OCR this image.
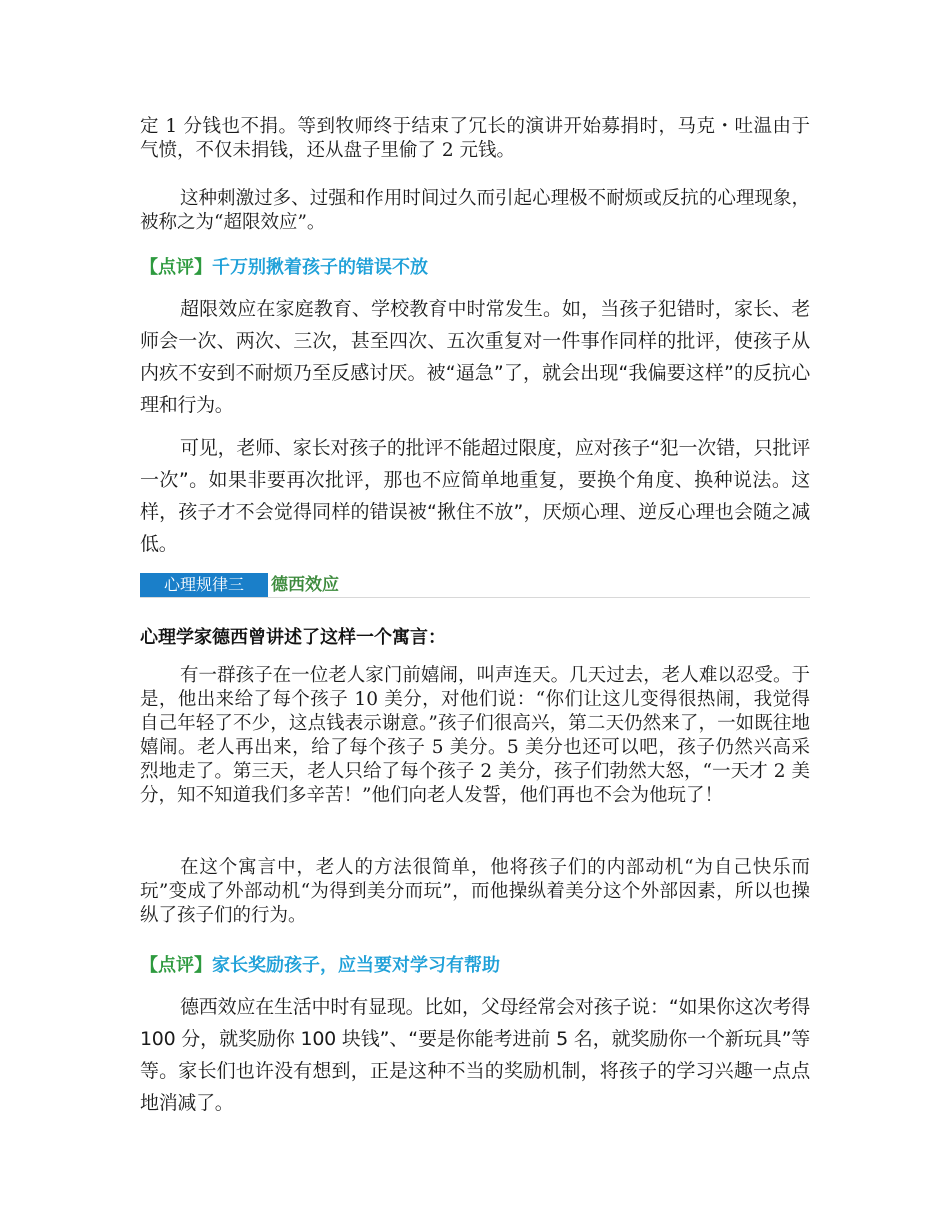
定 1 分钱也不捐。等到牧师终于结束了冗长的演讲开始募捐时，马克・吐温由于气愤，不仅未捐钱，还从盘子里偷了 2 元钱。

这种刺激过多、过强和作用时间过久而引起心理极不耐烦或反抗的心理现象，被称之为“超限效应”。

【点评】千万别揪着孩子的错误不放

超限效应在家庭教育、学校教育中时常发生。如，当孩子犯错时，家长、老师会一次、两次、三次，甚至四次、五次重复对一件事作同样的批评，使孩子从内疚不安到不耐烦乃至反感讨厌。被“逼急”了，就会出现“我偏要这样”的反抗心理和行为。

可见，老师、家长对孩子的批评不能超过限度，应对孩子“犯一次错，只批评一次”。如果非要再次批评，那也不应简单地重复，要换个角度、换种说法。这样，孩子才不会觉得同样的错误被“揪住不放”，厌烦心理、逆反心理也会随之减低。

心理规律三	德西效应
心理学家德西曾讲述了这样一个寓言：

有一群孩子在一位老人家门前嬉闹，叫声连天。几天过去，老人难以忍受。于是，他出来给了每个孩子 10 美分，对他们说：“你们让这儿变得很热闹，我觉得自己年轻了不少，这点钱表示谢意。”孩子们很高兴，第二天仍然来了，一如既往地嬉闹。老人再出来，给了每个孩子 5 美分。5 美分也还可以吧，孩子仍然兴高采烈地走了。第三天，老人只给了每个孩子 2 美分，孩子们勃然大怒，“一天才 2 美分，知不知道我们多辛苦！”他们向老人发誓，他们再也不会为他玩了！

在这个寓言中，老人的方法很简单，他将孩子们的内部动机“为自己快乐而玩”变成了外部动机“为得到美分而玩”，而他操纵着美分这个外部因素，所以也操纵了孩子们的行为。

【点评】家长奖励孩子，应当要对学习有帮助

德西效应在生活中时有显现。比如，父母经常会对孩子说：“如果你这次考得 100 分，就奖励你 100 块钱”、“要是你能考进前 5 名，就奖励你一个新玩具”等等。家长们也许没有想到，正是这种不当的奖励机制，将孩子的学习兴趣一点点地消减了。
